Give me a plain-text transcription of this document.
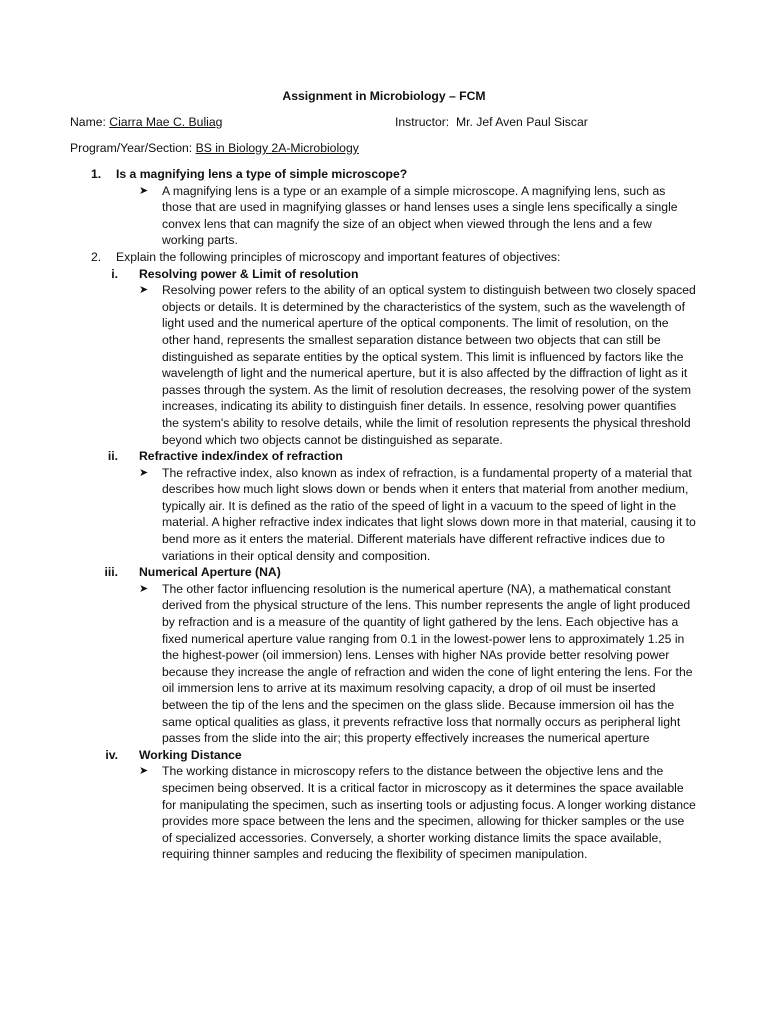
Assignment in Microbiology – FCM
Name: Ciarra Mae C. Buliag	Instructor: Mr. Jef Aven Paul Siscar
Program/Year/Section: BS in Biology 2A-Microbiology
1. Is a magnifying lens a type of simple microscope?
➤ A magnifying lens is a type or an example of a simple microscope. A magnifying lens, such as those that are used in magnifying glasses or hand lenses uses a single lens specifically a single convex lens that can magnify the size of an object when viewed through the lens and a few working parts.
2. Explain the following principles of microscopy and important features of objectives:
i. Resolving power & Limit of resolution
➤ Resolving power refers to the ability of an optical system to distinguish between two closely spaced objects or details. It is determined by the characteristics of the system, such as the wavelength of light used and the numerical aperture of the optical components. The limit of resolution, on the other hand, represents the smallest separation distance between two objects that can still be distinguished as separate entities by the optical system. This limit is influenced by factors like the wavelength of light and the numerical aperture, but it is also affected by the diffraction of light as it passes through the system. As the limit of resolution decreases, the resolving power of the system increases, indicating its ability to distinguish finer details. In essence, resolving power quantifies the system's ability to resolve details, while the limit of resolution represents the physical threshold beyond which two objects cannot be distinguished as separate.
ii. Refractive index/index of refraction
➤ The refractive index, also known as index of refraction, is a fundamental property of a material that describes how much light slows down or bends when it enters that material from another medium, typically air. It is defined as the ratio of the speed of light in a vacuum to the speed of light in the material. A higher refractive index indicates that light slows down more in that material, causing it to bend more as it enters the material. Different materials have different refractive indices due to variations in their optical density and composition.
iii. Numerical Aperture (NA)
➤ The other factor influencing resolution is the numerical aperture (NA), a mathematical constant derived from the physical structure of the lens. This number represents the angle of light produced by refraction and is a measure of the quantity of light gathered by the lens. Each objective has a fixed numerical aperture value ranging from 0.1 in the lowest-power lens to approximately 1.25 in the highest-power (oil immersion) lens. Lenses with higher NAs provide better resolving power because they increase the angle of refraction and widen the cone of light entering the lens. For the oil immersion lens to arrive at its maximum resolving capacity, a drop of oil must be inserted between the tip of the lens and the specimen on the glass slide. Because immersion oil has the same optical qualities as glass, it prevents refractive loss that normally occurs as peripheral light passes from the slide into the air; this property effectively increases the numerical aperture
iv. Working Distance
➤ The working distance in microscopy refers to the distance between the objective lens and the specimen being observed. It is a critical factor in microscopy as it determines the space available for manipulating the specimen, such as inserting tools or adjusting focus. A longer working distance provides more space between the lens and the specimen, allowing for thicker samples or the use of specialized accessories. Conversely, a shorter working distance limits the space available, requiring thinner samples and reducing the flexibility of specimen manipulation.
